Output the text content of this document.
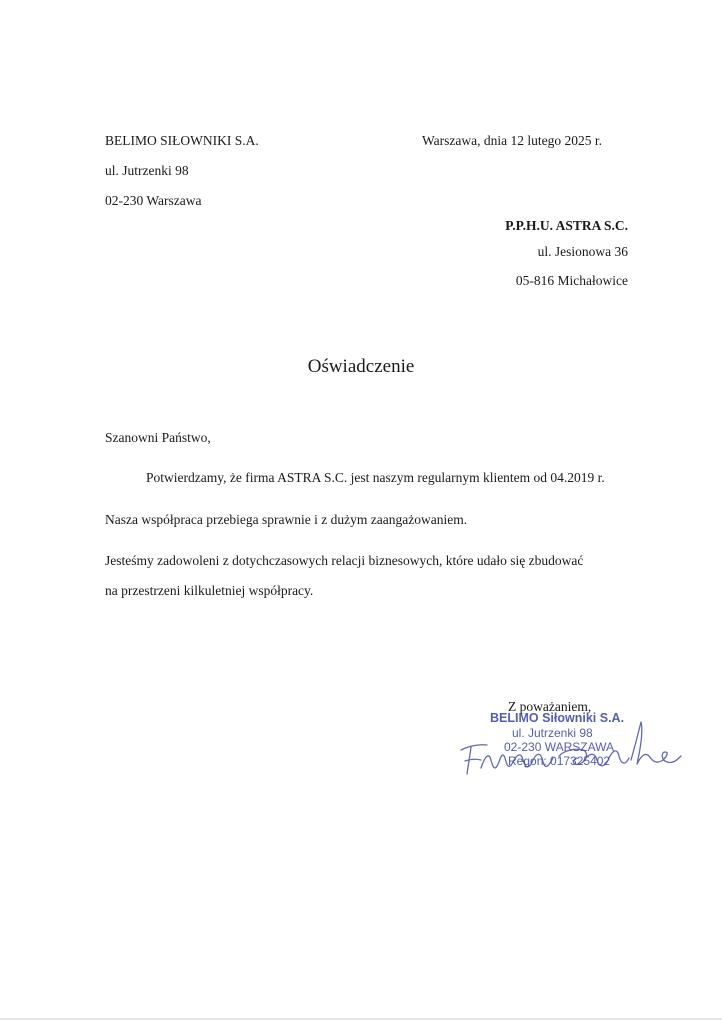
BELIMO SIŁOWNIKI S.A.
ul. Jutrzenki 98
02-230 Warszawa
Warszawa, dnia 12 lutego 2025 r.
P.P.H.U. ASTRA S.C.
ul. Jesionowa 36
05-816 Michałowice
Oświadczenie
Szanowni Państwo,
Potwierdzamy, że firma ASTRA S.C. jest naszym regularnym klientem od 04.2019 r.
Nasza współpraca przebiega sprawnie i z dużym zaangażowaniem.
Jesteśmy zadowoleni z dotychczasowych relacji biznesowych, które udało się zbudować
na przestrzeni kilkuletniej współpracy.
Z poważaniem,
BELIMO Siłowniki S.A.
ul. Jutrzenki 98
02-230 WARSZAWA
Regon: 017325402
